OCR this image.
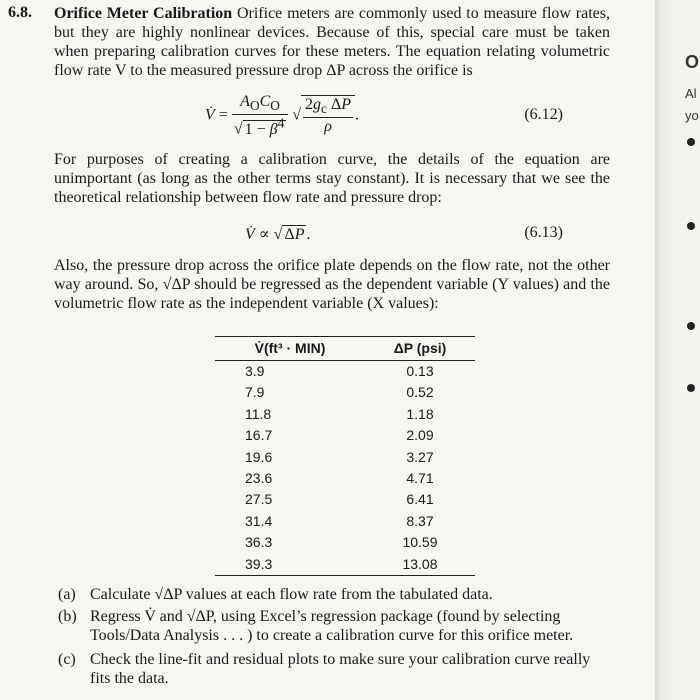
6.8. Orifice Meter Calibration Orifice meters are commonly used to measure flow rates, but they are highly nonlinear devices. Because of this, special care must be taken when preparing calibration curves for these meters. The equation relating volumetric flow rate V to the measured pressure drop ΔP across the orifice is
V̇ = $\frac{A_OC_O}{√ 1 - \beta^4}$ √ $\frac{2g_c \Delta P}{\rho}$ .	(6.12)
For purposes of creating a calibration curve, the details of the equation are unimportant (as long as the other terms stay constant). It is necessary that we see the theoretical relationship between flow rate and pressure drop:
V̇ ∝ √ ΔP .	(6.13)
Also, the pressure drop across the orifice plate depends on the flow rate, not the other way around. So, √ΔP should be regressed as the dependent variable (Y values) and the volumetric flow rate as the independent variable (X values):
V̇(ft³ · MIN)	ΔP (psi)
3.9	0.13
7.9	0.52
11.8	1.18
16.7	2.09
19.6	3.27
23.6	4.71
27.5	6.41
31.4	8.37
36.3	10.59
39.3	13.08
(a) Calculate √ΔP values at each flow rate from the tabulated data.
(b) Regress V̇ and √ΔP, using Excel’s regression package (found by selecting Tools/Data Analysis . . . ) to create a calibration curve for this orifice meter.
(c) Check the line-fit and residual plots to make sure your calibration curve really fits the data.
O
Al
yo
